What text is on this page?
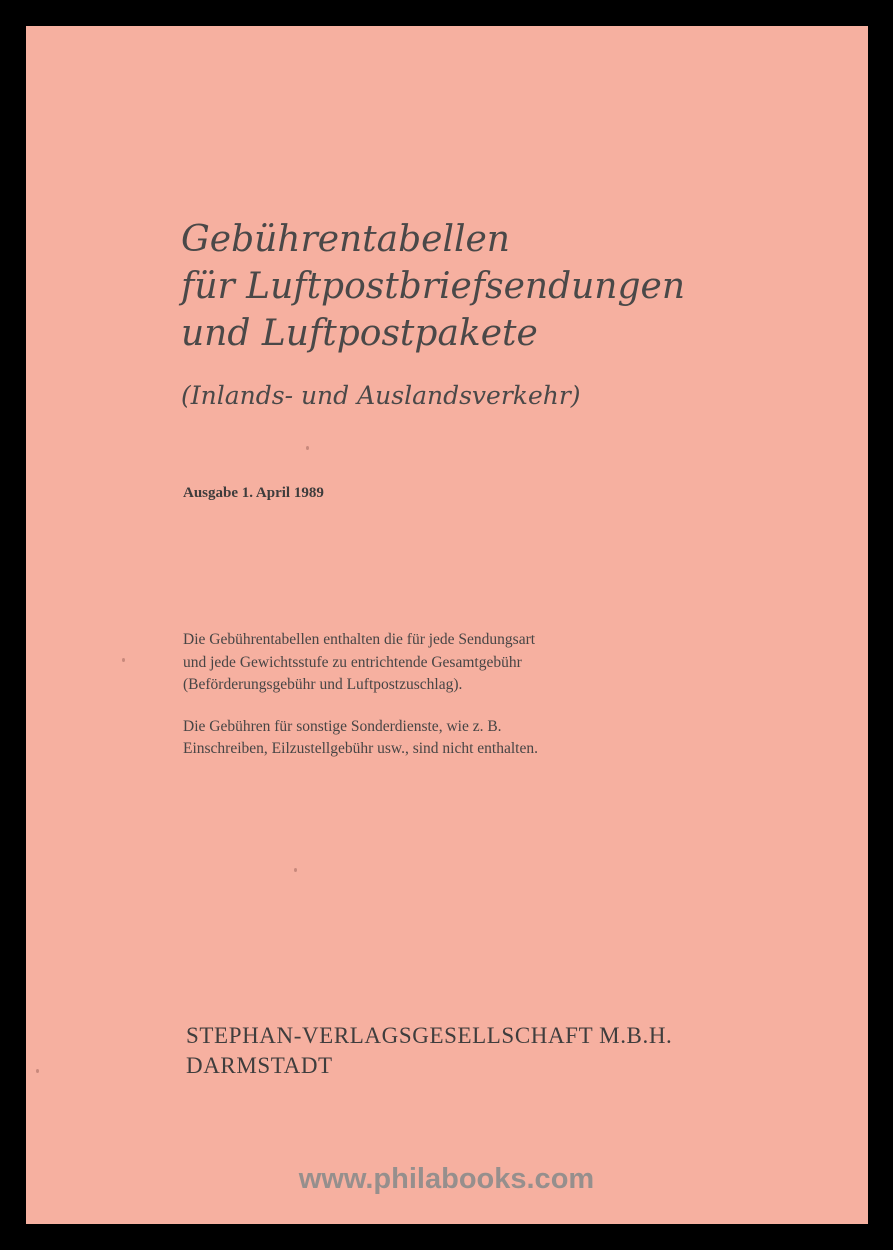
Gebührentabellen
für Luftpostbriefsendungen
und Luftpostpakete
(Inlands- und Auslandsverkehr)
Ausgabe 1. April 1989
Die Gebührentabellen enthalten die für jede Sendungsart
und jede Gewichtsstufe zu entrichtende Gesamtgebühr
(Beförderungsgebühr und Luftpostzuschlag).
Die Gebühren für sonstige Sonderdienste, wie z. B.
Einschreiben, Eilzustellgebühr usw., sind nicht enthalten.
STEPHAN-VERLAGSGESELLSCHAFT M.B.H.
DARMSTADT
www.philabooks.com
